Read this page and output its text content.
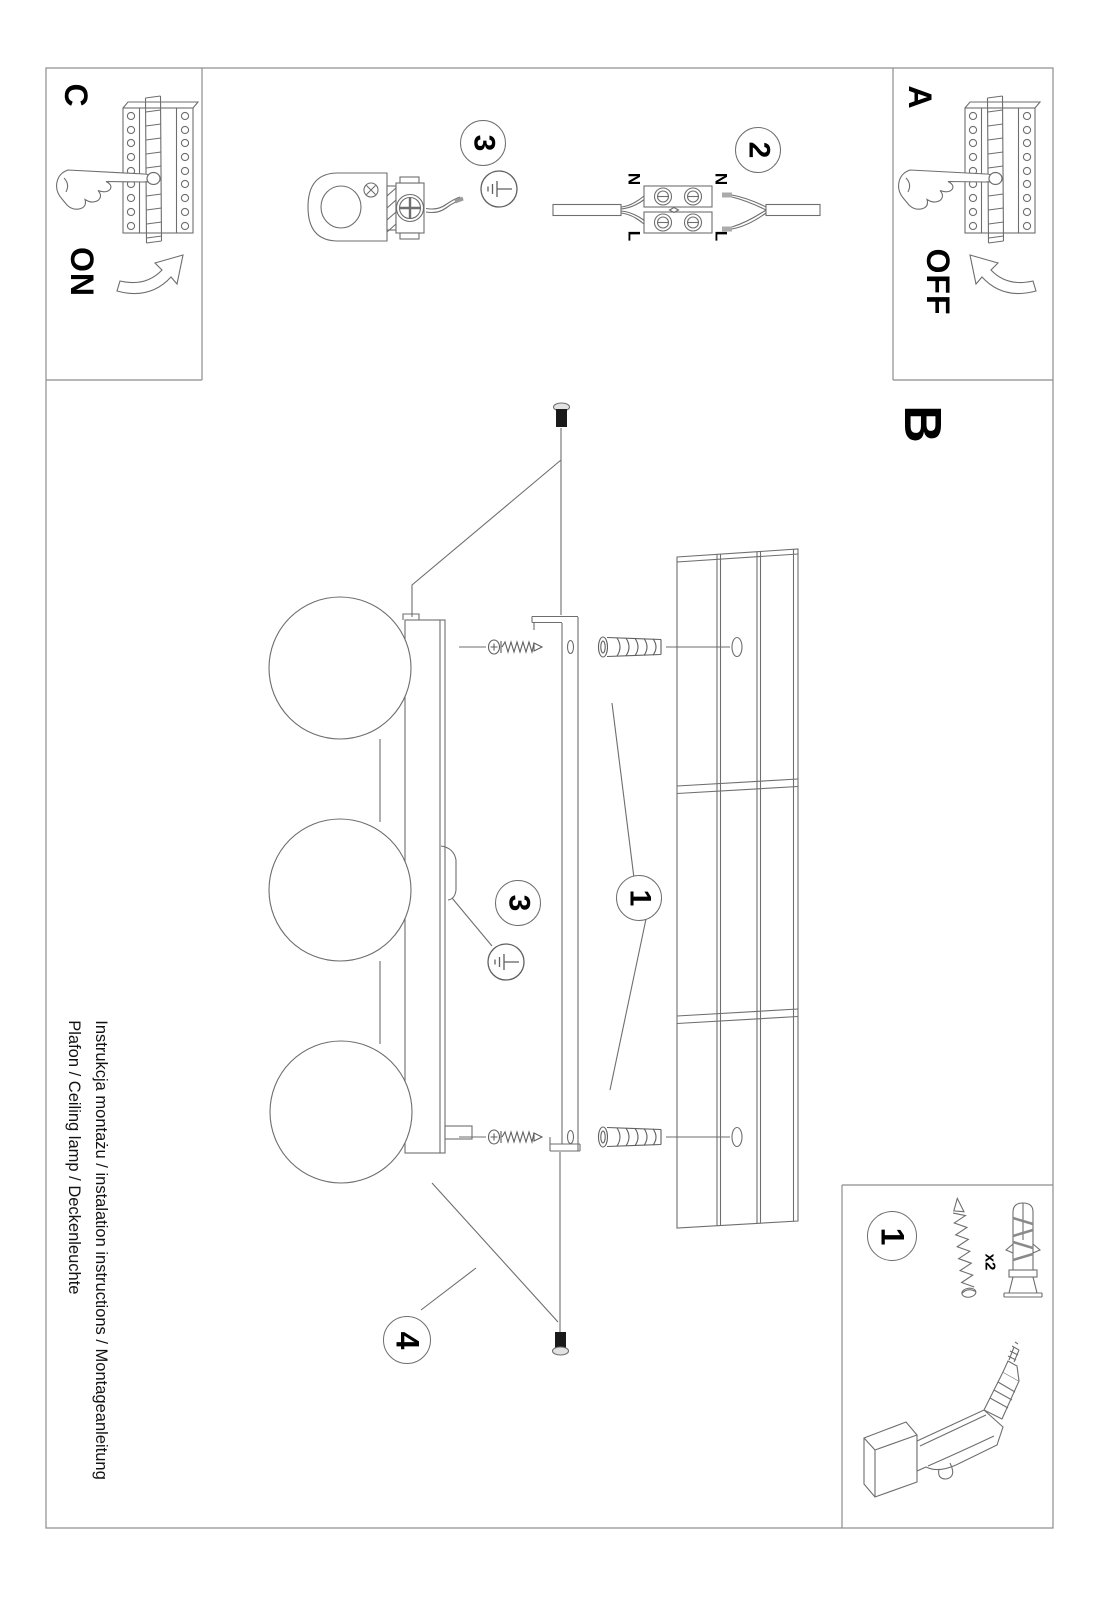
C	A
B
ON	OFF
N	N
L	L
x2
2
3
3	1
4
1
Instrukcja montażu / instalation instructions / Montageanleitung
Plafon / Ceiling lamp / Deckenleuchte
